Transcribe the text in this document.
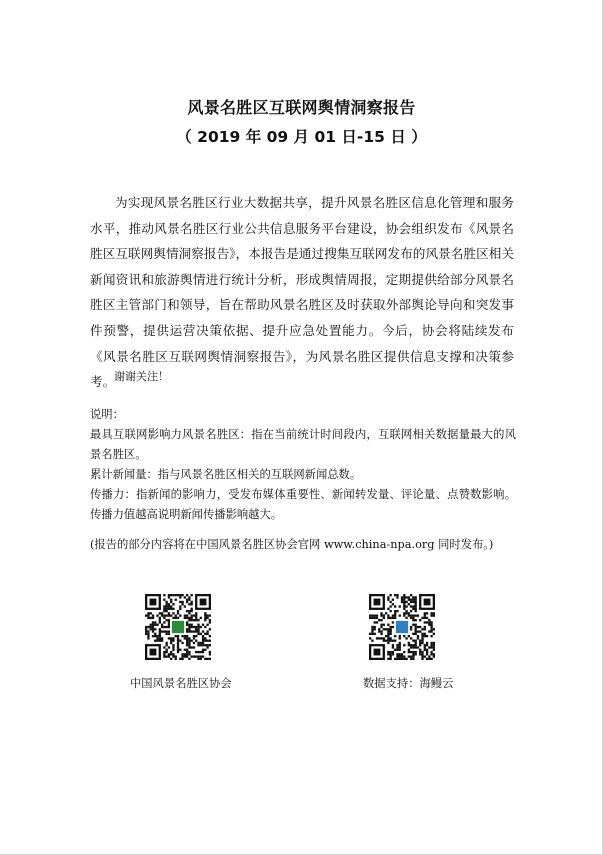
风景名胜区互联网舆情洞察报告
（ 2019 年 09 月 01 日-15 日 ）

为实现风景名胜区行业大数据共享，提升风景名胜区信息化管理和服务水平，推动风景名胜区行业公共信息服务平台建设，协会组织发布《风景名胜区互联网舆情洞察报告》，本报告是通过搜集互联网发布的风景名胜区相关新闻资讯和旅游舆情进行统计分析，形成舆情周报，定期提供给部分风景名胜区主管部门和领导，旨在帮助风景名胜区及时获取外部舆论导向和突发事件预警，提供运营决策依据、提升应急处置能力。今后，协会将陆续发布《风景名胜区互联网舆情洞察报告》，为风景名胜区提供信息支撑和决策参考。

谢谢关注！

说明：

最具互联网影响力风景名胜区：指在当前统计时间段内，互联网相关数据量最大的风景名胜区。

累计新闻量：指与风景名胜区相关的互联网新闻总数。

传播力：指新闻的影响力，受发布媒体重要性、新闻转发量、评论量、点赞数影响。传播力值越高说明新闻传播影响越大。

(报告的部分内容将在中国风景名胜区协会官网 www.china-npa.org 同时发布。)

中国风景名胜区协会	数据支持：海鳗云
